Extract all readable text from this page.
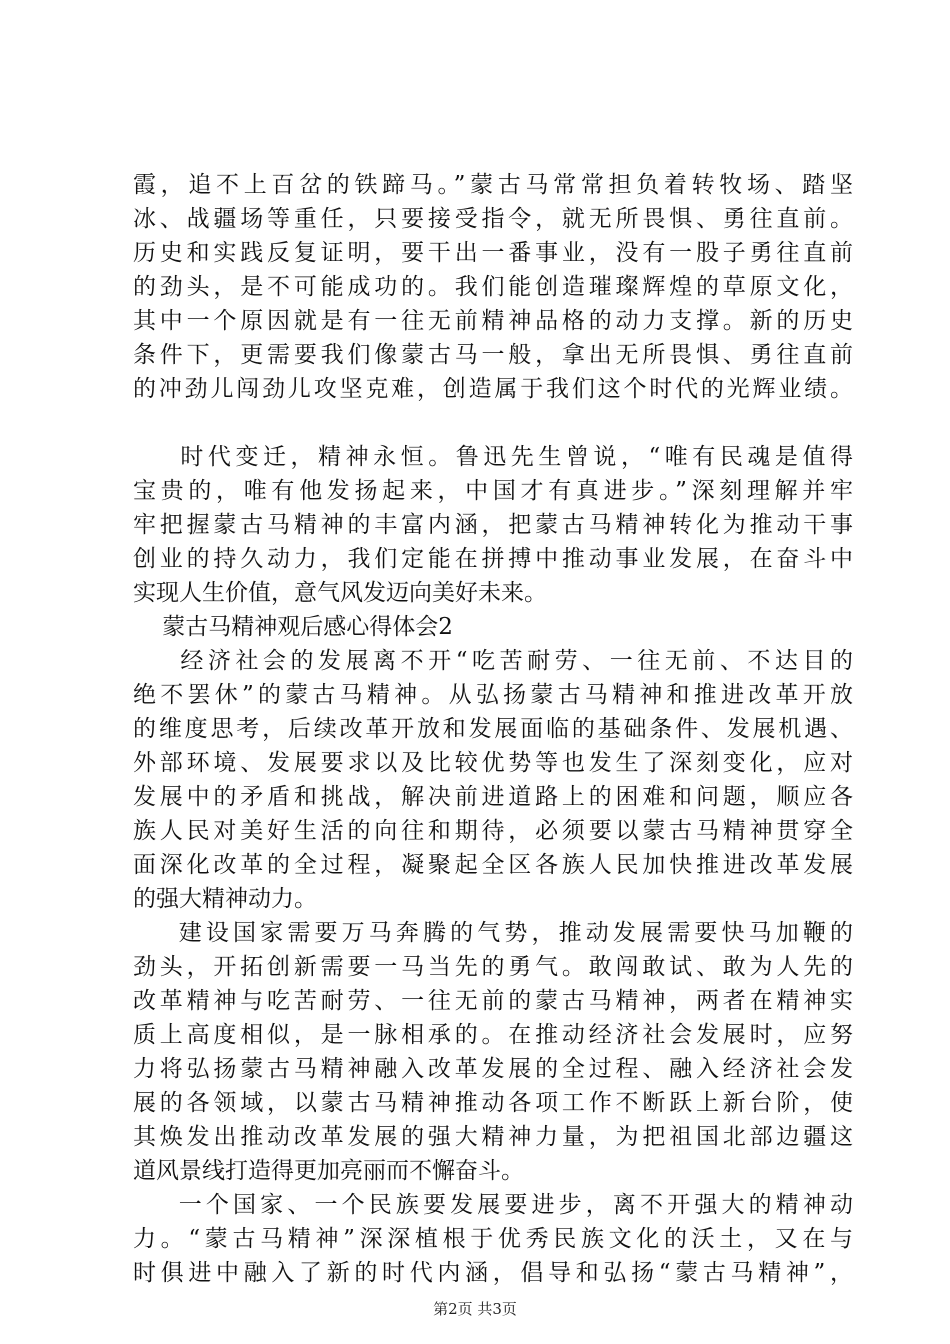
霞，追不上百岔的铁蹄马。”蒙古马常常担负着转牧场、踏坚
冰、战疆场等重任，只要接受指令，就无所畏惧、勇往直前。
历史和实践反复证明，要干出一番事业，没有一股子勇往直前
的劲头，是不可能成功的。我们能创造璀璨辉煌的草原文化，
其中一个原因就是有一往无前精神品格的动力支撑。新的历史
条件下，更需要我们像蒙古马一般，拿出无所畏惧、勇往直前
的冲劲儿闯劲儿攻坚克难，创造属于我们这个时代的光辉业绩。
时代变迁，精神永恒。鲁迅先生曾说，“唯有民魂是值得
宝贵的，唯有他发扬起来，中国才有真进步。”深刻理解并牢
牢把握蒙古马精神的丰富内涵，把蒙古马精神转化为推动干事
创业的持久动力，我们定能在拼搏中推动事业发展，在奋斗中
实现人生价值，意气风发迈向美好未来。
蒙古马精神观后感心得体会2
经济社会的发展离不开“吃苦耐劳、一往无前、不达目的
绝不罢休”的蒙古马精神。从弘扬蒙古马精神和推进改革开放
的维度思考，后续改革开放和发展面临的基础条件、发展机遇、
外部环境、发展要求以及比较优势等也发生了深刻变化，应对
发展中的矛盾和挑战，解决前进道路上的困难和问题，顺应各
族人民对美好生活的向往和期待，必须要以蒙古马精神贯穿全
面深化改革的全过程，凝聚起全区各族人民加快推进改革发展
的强大精神动力。
建设国家需要万马奔腾的气势，推动发展需要快马加鞭的
劲头，开拓创新需要一马当先的勇气。敢闯敢试、敢为人先的
改革精神与吃苦耐劳、一往无前的蒙古马精神，两者在精神实
质上高度相似，是一脉相承的。在推动经济社会发展时，应努
力将弘扬蒙古马精神融入改革发展的全过程、融入经济社会发
展的各领域，以蒙古马精神推动各项工作不断跃上新台阶，使
其焕发出推动改革发展的强大精神力量，为把祖国北部边疆这
道风景线打造得更加亮丽而不懈奋斗。
一个国家、一个民族要发展要进步，离不开强大的精神动
力。“蒙古马精神”深深植根于优秀民族文化的沃土，又在与
时俱进中融入了新的时代内涵，倡导和弘扬“蒙古马精神”，
第2页 共3页
